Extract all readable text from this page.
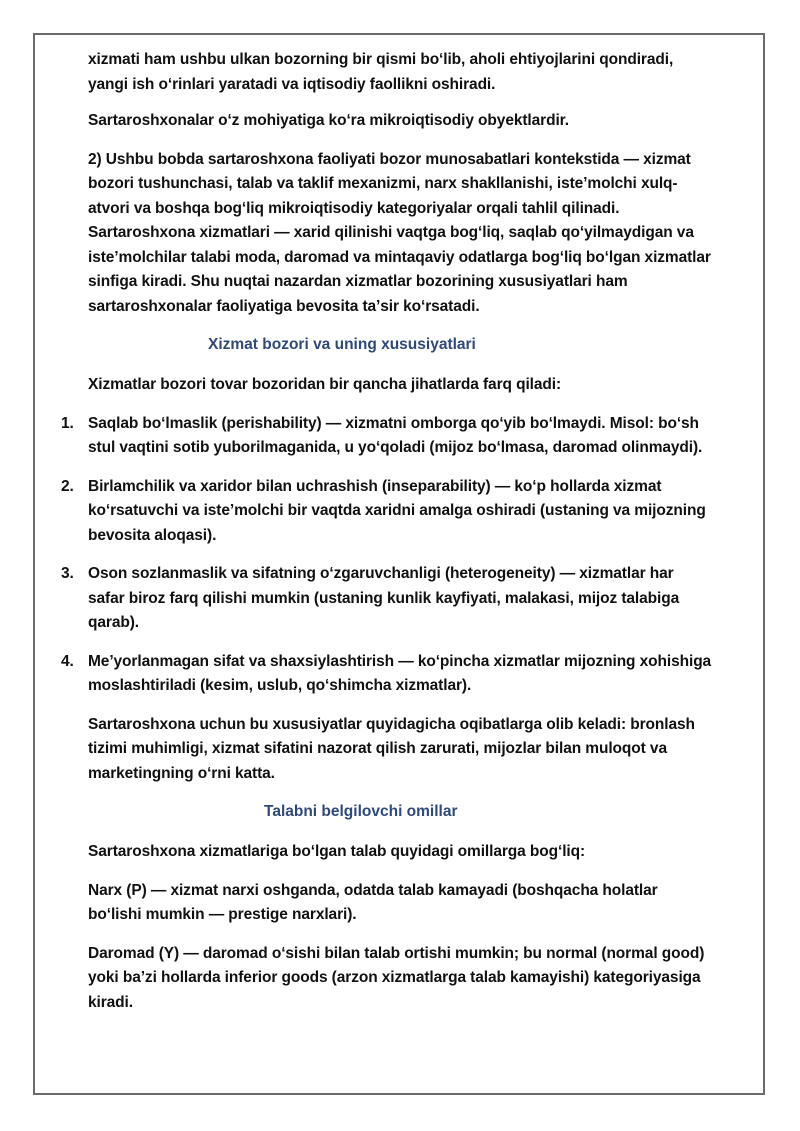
xizmati ham ushbu ulkan bozorning bir qismi boʻlib, aholi ehtiyojlarini qondiradi, yangi ish oʻrinlari yaratadi va iqtisodiy faollikni oshiradi.

Sartaroshxonalar oʻz mohiyatiga koʻra mikroiqtisodiy obyektlardir.

2) Ushbu bobda sartaroshxona faoliyati bozor munosabatlari kontekstida — xizmat bozori tushunchasi, talab va taklif mexanizmi, narx shakllanishi, isteʼmolchi xulq-atvori va boshqa bogʻliq mikroiqtisodiy kategoriyalar orqali tahlil qilinadi. Sartaroshxona xizmatlari — xarid qilinishi vaqtga bogʻliq, saqlab qoʻyilmaydigan va isteʼmolchilar talabi moda, daromad va mintaqaviy odatlarga bogʻliq boʻlgan xizmatlar sinfiga kiradi. Shu nuqtai nazardan xizmatlar bozorining xususiyatlari ham sartaroshxonalar faoliyatiga bevosita taʼsir koʻrsatadi.

Xizmat bozori va uning xususiyatlari

Xizmatlar bozori tovar bozoridan bir qancha jihatlarda farq qiladi:

1. Saqlab boʻlmaslik (perishability) — xizmatni omborga qoʻyib boʻlmaydi. Misol: boʻsh stul vaqtini sotib yuborilmaganida, u yoʻqoladi (mijoz boʻlmasa, daromad olinmaydi).
2. Birlamchilik va xaridor bilan uchrashish (inseparability) — koʻp hollarda xizmat koʻrsatuvchi va isteʼmolchi bir vaqtda xaridni amalga oshiradi (ustaning va mijozning bevosita aloqasi).
3. Oson sozlanmaslik va sifatning oʻzgaruvchanligi (heterogeneity) — xizmatlar har safar biroz farq qilishi mumkin (ustaning kunlik kayfiyati, malakasi, mijoz talabiga qarab).
4. Meʼyorlanmagan sifat va shaxsiylashtirish — koʻpincha xizmatlar mijozning xohishiga moslashtiriladi (kesim, uslub, qoʻshimcha xizmatlar).

Sartaroshxona uchun bu xususiyatlar quyidagicha oqibatlarga olib keladi: bronlash tizimi muhimligi, xizmat sifatini nazorat qilish zarurati, mijozlar bilan muloqot va marketingning oʻrni katta.

Talabni belgilovchi omillar

Sartaroshxona xizmatlariga boʻlgan talab quyidagi omillarga bogʻliq:

Narx (P) — xizmat narxi oshganda, odatda talab kamayadi (boshqacha holatlar boʻlishi mumkin — prestige narxlari).

Daromad (Y) — daromad oʻsishi bilan talab ortishi mumkin; bu normal (normal good) yoki baʼzi hollarda inferior goods (arzon xizmatlarga talab kamayishi) kategoriyasiga kiradi.
